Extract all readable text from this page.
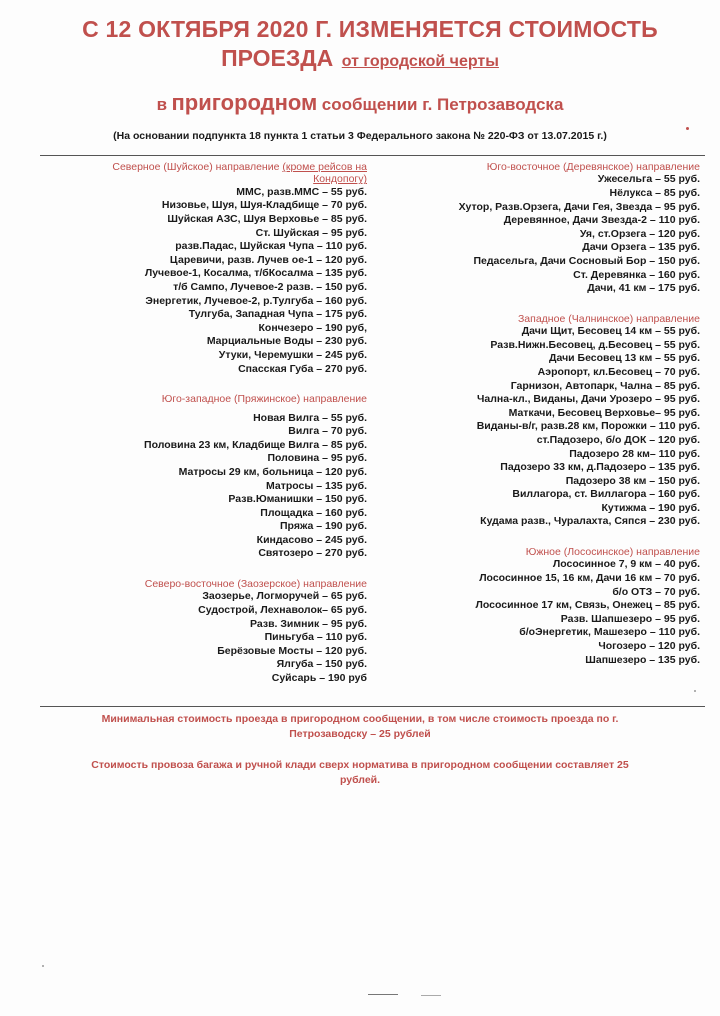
С 12 ОКТЯБРЯ 2020 Г. ИЗМЕНЯЕТСЯ СТОИМОСТЬ
ПРОЕЗДА от городской черты
в пригородном сообщении г. Петрозаводска
(На основании подпункта 18 пункта 1 статьи 3 Федерального закона № 220-ФЗ от 13.07.2015 г.)
Северное (Шуйское) направление (кроме рейсов на
Кондопогу)
ММС, разв.ММС – 55 руб.
Низовье, Шуя, Шуя-Кладбище – 70 руб.
Шуйская АЗС, Шуя Верховье – 85 руб.
Ст. Шуйская – 95 руб.
разв.Падас, Шуйская Чупа – 110 руб.
Царевичи, разв. Лучев ое-1 – 120 руб.
Лучевое-1, Косалма, т/бКосалма – 135 руб.
т/б Сампо, Лучевое-2 разв. – 150 руб.
Энергетик, Лучевое-2, р.Тулгуба – 160 руб.
Тулгуба, Западная Чупа – 175 руб.
Кончезеро – 190 руб,
Марциальные Воды – 230 руб.
Утуки, Черемушки – 245 руб.
Спасская Губа – 270 руб.
Юго-западное (Пряжинское) направление
Новая Вилга – 55 руб.
Вилга – 70 руб.
Половина 23 км, Кладбище Вилга – 85 руб.
Половина – 95 руб.
Матросы 29 км, больница – 120 руб.
Матросы – 135 руб.
Разв.Юманишки – 150 руб.
Площадка – 160 руб.
Пряжа – 190 руб.
Киндасово – 245 руб.
Святозеро – 270 руб.
Северо-восточное (Заозерское) направление
Заозерье, Логморучей – 65 руб.
Судострой, Лехнаволок– 65 руб.
Разв. Зимник – 95 руб.
Пиньгуба – 110 руб.
Берёзовые Мосты – 120 руб.
Ялгуба – 150 руб.
Суйсарь – 190 руб
Юго-восточное (Деревянское) направление
Ужесельга – 55 руб.
Нёлукса – 85 руб.
Хутор, Разв.Орзега, Дачи Гея, Звезда – 95 руб.
Деревянное, Дачи Звезда-2 – 110 руб.
Уя, ст.Орзега – 120 руб.
Дачи Орзега – 135 руб.
Педасельга, Дачи Сосновый Бор – 150 руб.
Ст. Деревянка – 160 руб.
Дачи, 41 км – 175 руб.
Западное (Чалнинское) направление
Дачи Щит, Бесовец 14 км – 55 руб.
Разв.Нижн.Бесовец, д.Бесовец – 55 руб.
Дачи Бесовец 13 км – 55 руб.
Аэропорт, кл.Бесовец – 70 руб.
Гарнизон, Автопарк, Чална – 85 руб.
Чална-кл., Виданы, Дачи Урозеро – 95 руб.
Маткачи, Бесовец Верховье– 95 руб.
Виданы-в/г, разв.28 км, Порожки – 110 руб.
ст.Падозеро, б/о ДОК – 120 руб.
Падозеро 28 км– 110 руб.
Падозеро 33 км, д.Падозеро – 135 руб.
Падозеро 38 км – 150 руб.
Виллагора, ст. Виллагора – 160 руб.
Кутижма – 190 руб.
Кудама разв., Чуралахта, Сяпся – 230 руб.
Южное (Лососинское) направление
Лососинное 7, 9 км – 40 руб.
Лососинное 15, 16 км, Дачи 16 км – 70 руб.
б/о ОТЗ – 70 руб.
Лососинное 17 км, Связь, Онежец – 85 руб.
Разв. Шапшезеро – 95 руб.
б/оЭнергетик, Машезеро – 110 руб.
Чогозеро – 120 руб.
Шапшезеро – 135 руб.
Минимальная стоимость проезда в пригородном сообщении, в том числе стоимость проезда по г.
Петрозаводску – 25 рублей
Стоимость провоза багажа и ручной клади сверх норматива в пригородном сообщении составляет 25
рублей.
